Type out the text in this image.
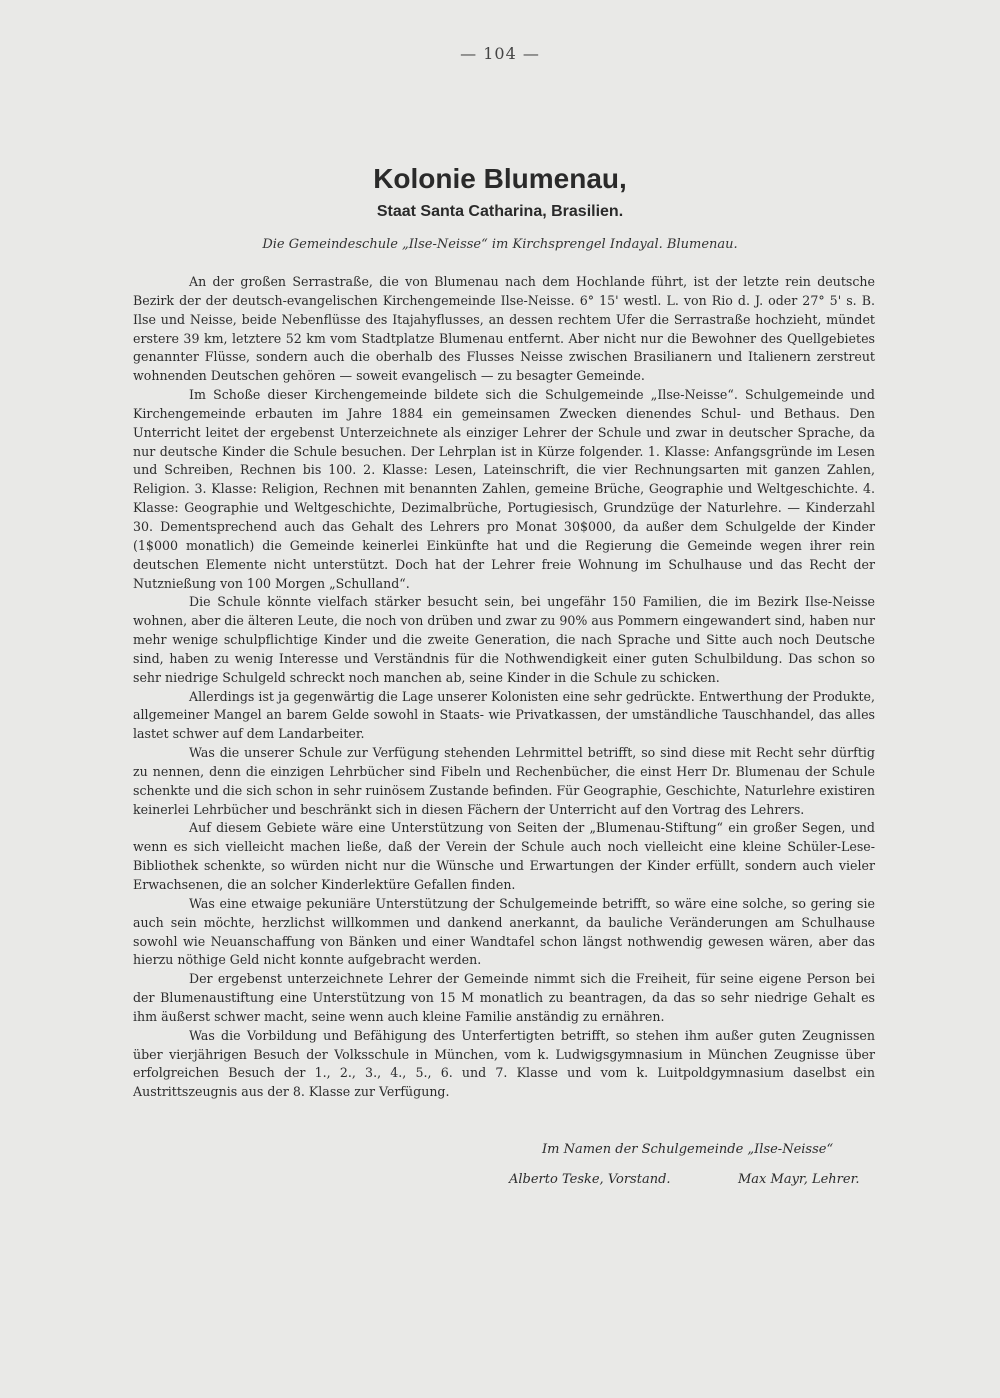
— 104 —
Kolonie Blumenau,
Staat Santa Catharina, Brasilien.
Die Gemeindeschule „Ilse-Neisse“ im Kirchsprengel Indayal. Blumenau.

An der großen Serrastraße, die von Blumenau nach dem Hochlande führt, ist der letzte rein deutsche Bezirk der der deutsch-evangelischen Kirchengemeinde Ilse-Neisse. 6° 15' westl. L. von Rio d. J. oder 27° 5' s. B. Ilse und Neisse, beide Nebenflüsse des Itajahyflusses, an dessen rechtem Ufer die Serrastraße hochzieht, mündet erstere 39 km, letztere 52 km vom Stadtplatze Blumenau entfernt. Aber nicht nur die Bewohner des Quellgebietes genannter Flüsse, sondern auch die oberhalb des Flusses Neisse zwischen Brasilianern und Italienern zerstreut wohnenden Deutschen gehören — soweit evangelisch — zu besagter Gemeinde.

Im Schoße dieser Kirchengemeinde bildete sich die Schulgemeinde „Ilse-Neisse“. Schulgemeinde und Kirchengemeinde erbauten im Jahre 1884 ein gemeinsamen Zwecken dienendes Schul- und Bethaus. Den Unterricht leitet der ergebenst Unterzeichnete als einziger Lehrer der Schule und zwar in deutscher Sprache, da nur deutsche Kinder die Schule besuchen. Der Lehrplan ist in Kürze folgender. 1. Klasse: Anfangsgründe im Lesen und Schreiben, Rechnen bis 100. 2. Klasse: Lesen, Lateinschrift, die vier Rechnungsarten mit ganzen Zahlen, Religion. 3. Klasse: Religion, Rechnen mit benannten Zahlen, gemeine Brüche, Geographie und Weltgeschichte. 4. Klasse: Geographie und Weltgeschichte, Dezimalbrüche, Portugiesisch, Grundzüge der Naturlehre. — Kinderzahl 30. Dementsprechend auch das Gehalt des Lehrers pro Monat 30$000, da außer dem Schulgelde der Kinder (1$000 monatlich) die Gemeinde keinerlei Einkünfte hat und die Regierung die Gemeinde wegen ihrer rein deutschen Elemente nicht unterstützt. Doch hat der Lehrer freie Wohnung im Schulhause und das Recht der Nutznießung von 100 Morgen „Schulland“.

Die Schule könnte vielfach stärker besucht sein, bei ungefähr 150 Familien, die im Bezirk Ilse-Neisse wohnen, aber die älteren Leute, die noch von drüben und zwar zu 90% aus Pommern eingewandert sind, haben nur mehr wenige schulpflichtige Kinder und die zweite Generation, die nach Sprache und Sitte auch noch Deutsche sind, haben zu wenig Interesse und Verständnis für die Nothwendigkeit einer guten Schulbildung. Das schon so sehr niedrige Schulgeld schreckt noch manchen ab, seine Kinder in die Schule zu schicken.

Allerdings ist ja gegenwärtig die Lage unserer Kolonisten eine sehr gedrückte. Entwerthung der Produkte, allgemeiner Mangel an barem Gelde sowohl in Staats- wie Privatkassen, der umständliche Tauschhandel, das alles lastet schwer auf dem Landarbeiter.

Was die unserer Schule zur Verfügung stehenden Lehrmittel betrifft, so sind diese mit Recht sehr dürftig zu nennen, denn die einzigen Lehrbücher sind Fibeln und Rechenbücher, die einst Herr Dr. Blumenau der Schule schenkte und die sich schon in sehr ruinösem Zustande befinden. Für Geographie, Geschichte, Naturlehre existiren keinerlei Lehrbücher und beschränkt sich in diesen Fächern der Unterricht auf den Vortrag des Lehrers.

Auf diesem Gebiete wäre eine Unterstützung von Seiten der „Blumenau-Stiftung“ ein großer Segen, und wenn es sich vielleicht machen ließe, daß der Verein der Schule auch noch vielleicht eine kleine Schüler-Lese-Bibliothek schenkte, so würden nicht nur die Wünsche und Erwartungen der Kinder erfüllt, sondern auch vieler Erwachsenen, die an solcher Kinderlektüre Gefallen finden.

Was eine etwaige pekuniäre Unterstützung der Schulgemeinde betrifft, so wäre eine solche, so gering sie auch sein möchte, herzlichst willkommen und dankend anerkannt, da bauliche Veränderungen am Schulhause sowohl wie Neuanschaffung von Bänken und einer Wandtafel schon längst nothwendig gewesen wären, aber das hierzu nöthige Geld nicht konnte aufgebracht werden.

Der ergebenst unterzeichnete Lehrer der Gemeinde nimmt sich die Freiheit, für seine eigene Person bei der Blumenaustiftung eine Unterstützung von 15 M monatlich zu beantragen, da das so sehr niedrige Gehalt es ihm äußerst schwer macht, seine wenn auch kleine Familie anständig zu ernähren.

Was die Vorbildung und Befähigung des Unterfertigten betrifft, so stehen ihm außer guten Zeugnissen über vierjährigen Besuch der Volksschule in München, vom k. Ludwigsgymnasium in München Zeugnisse über erfolgreichen Besuch der 1., 2., 3., 4., 5., 6. und 7. Klasse und vom k. Luitpoldgymnasium daselbst ein Austrittszeugnis aus der 8. Klasse zur Verfügung.

Im Namen der Schulgemeinde „Ilse-Neisse“
Alberto Teske, Vorstand.	Max Mayr, Lehrer.
